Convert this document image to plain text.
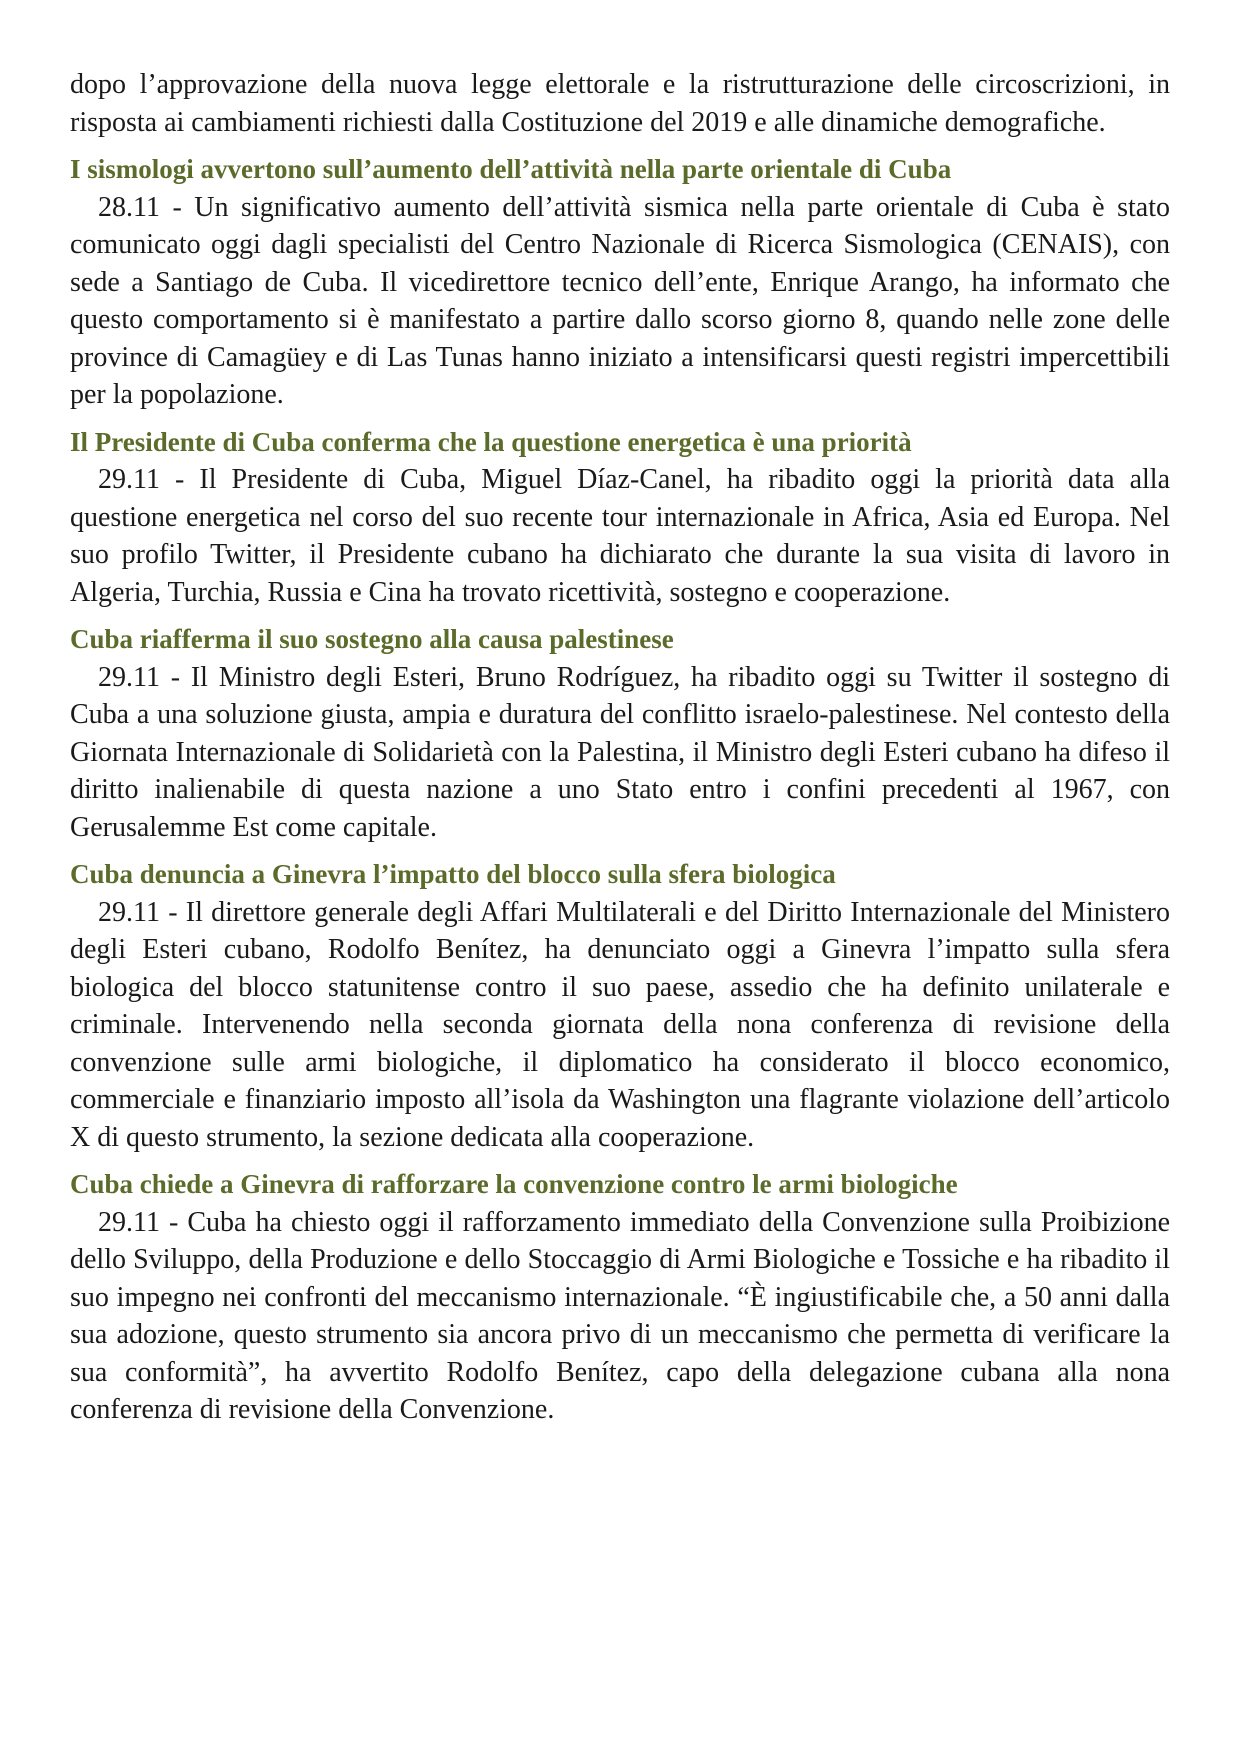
dopo l’approvazione della nuova legge elettorale e la ristrutturazione delle circoscrizioni, in risposta ai cambiamenti richiesti dalla Costituzione del 2019 e alle dinamiche demografiche.

I sismologi avvertono sull’aumento dell’attività nella parte orientale di Cuba

28.11 - Un significativo aumento dell’attività sismica nella parte orientale di Cuba è stato comunicato oggi dagli specialisti del Centro Nazionale di Ricerca Sismologica (CENAIS), con sede a Santiago de Cuba. Il vicedirettore tecnico dell’ente, Enrique Arango, ha informato che questo comportamento si è manifestato a partire dallo scorso giorno 8, quando nelle zone delle province di Camagüey e di Las Tunas hanno iniziato a intensificarsi questi registri impercettibili per la popolazione.

Il Presidente di Cuba conferma che la questione energetica è una priorità

29.11 - Il Presidente di Cuba, Miguel Díaz-Canel, ha ribadito oggi la priorità data alla questione energetica nel corso del suo recente tour internazionale in Africa, Asia ed Europa. Nel suo profilo Twitter, il Presidente cubano ha dichiarato che durante la sua visita di lavoro in Algeria, Turchia, Russia e Cina ha trovato ricettività, sostegno e cooperazione.

Cuba riafferma il suo sostegno alla causa palestinese

29.11 - Il Ministro degli Esteri, Bruno Rodríguez, ha ribadito oggi su Twitter il sostegno di Cuba a una soluzione giusta, ampia e duratura del conflitto israelo-palestinese. Nel contesto della Giornata Internazionale di Solidarietà con la Palestina, il Ministro degli Esteri cubano ha difeso il diritto inalienabile di questa nazione a uno Stato entro i confini precedenti al 1967, con Gerusalemme Est come capitale.

Cuba denuncia a Ginevra l’impatto del blocco sulla sfera biologica

29.11 - Il direttore generale degli Affari Multilaterali e del Diritto Internazionale del Ministero degli Esteri cubano, Rodolfo Benítez, ha denunciato oggi a Ginevra l’impatto sulla sfera biologica del blocco statunitense contro il suo paese, assedio che ha definito unilaterale e criminale. Intervenendo nella seconda giornata della nona conferenza di revisione della convenzione sulle armi biologiche, il diplomatico ha considerato il blocco economico, commerciale e finanziario imposto all’isola da Washington una flagrante violazione dell’articolo X di questo strumento, la sezione dedicata alla cooperazione.

Cuba chiede a Ginevra di rafforzare la convenzione contro le armi biologiche

29.11 - Cuba ha chiesto oggi il rafforzamento immediato della Convenzione sulla Proibizione dello Sviluppo, della Produzione e dello Stoccaggio di Armi Biologiche e Tossiche e ha ribadito il suo impegno nei confronti del meccanismo internazionale. “È ingiustificabile che, a 50 anni dalla sua adozione, questo strumento sia ancora privo di un meccanismo che permetta di verificare la sua conformità”, ha avvertito Rodolfo Benítez, capo della delegazione cubana alla nona conferenza di revisione della Convenzione.
